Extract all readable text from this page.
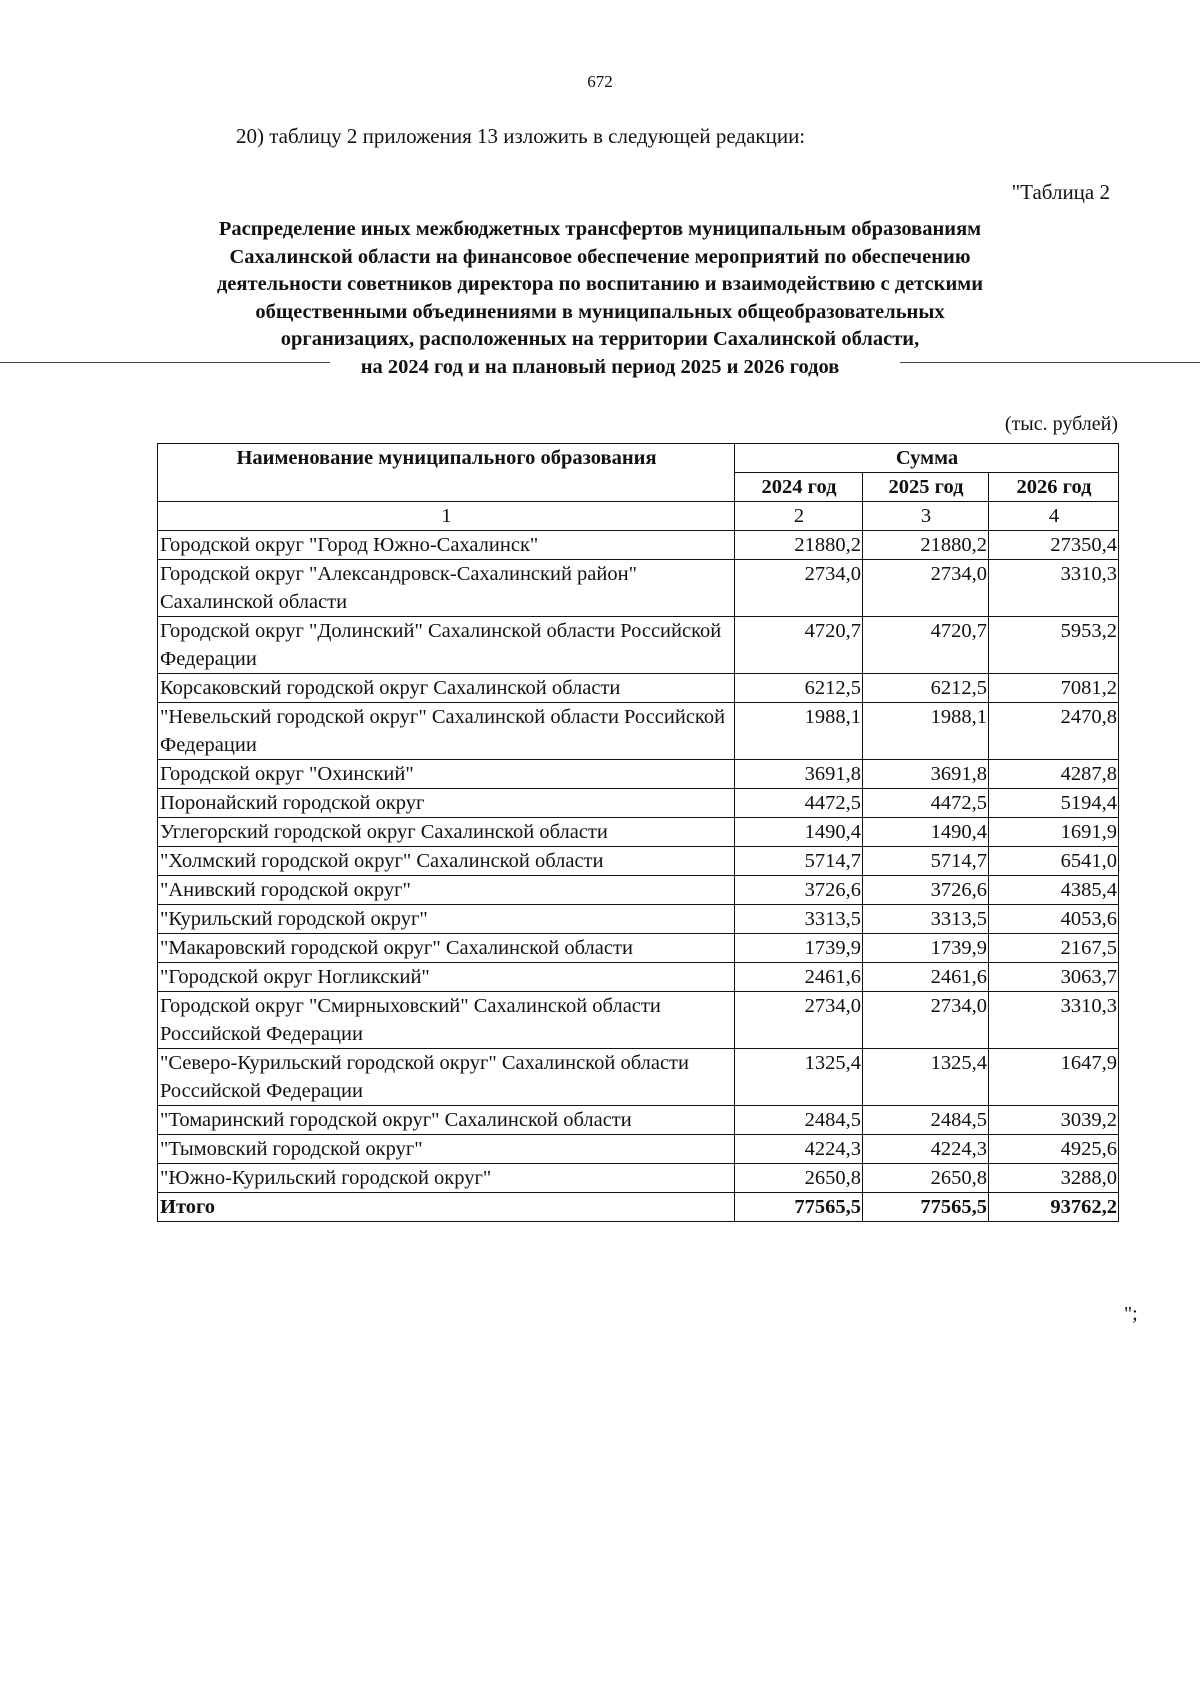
672
20) таблицу 2 приложения 13 изложить в следующей редакции:
"Таблица 2
Распределение иных межбюджетных трансфертов муниципальным образованиям
Сахалинской области на финансовое обеспечение мероприятий по обеспечению
деятельности советников директора по воспитанию и взаимодействию с детскими
общественными объединениями в муниципальных общеобразовательных
организациях, расположенных на территории Сахалинской области,
на 2024 год и на плановый период 2025 и 2026 годов
(тыс. рублей)
Наименование муниципального образования	Сумма		
	2024 год	2025 год	2026 год
1	2	3	4
Городской округ "Город Южно-Сахалинск"	21880,2	21880,2	27350,4
Городской округ "Александровск-Сахалинский район" Сахалинской области	2734,0	2734,0	3310,3
Городской округ "Долинский" Сахалинской области Российской Федерации	4720,7	4720,7	5953,2
Корсаковский городской округ Сахалинской области	6212,5	6212,5	7081,2
"Невельский городской округ" Сахалинской области Российской Федерации	1988,1	1988,1	2470,8
Городской округ "Охинский"	3691,8	3691,8	4287,8
Поронайский городской округ	4472,5	4472,5	5194,4
Углегорский городской округ Сахалинской области	1490,4	1490,4	1691,9
"Холмский городской округ" Сахалинской области	5714,7	5714,7	6541,0
"Анивский городской округ"	3726,6	3726,6	4385,4
"Курильский городской округ"	3313,5	3313,5	4053,6
"Макаровский городской округ" Сахалинской области	1739,9	1739,9	2167,5
"Городской округ Ногликский"	2461,6	2461,6	3063,7
Городской округ "Смирныховский" Сахалинской области Российской Федерации	2734,0	2734,0	3310,3
"Северо-Курильский городской округ" Сахалинской области Российской Федерации	1325,4	1325,4	1647,9
"Томаринский городской округ" Сахалинской области	2484,5	2484,5	3039,2
"Тымовский городской округ"	4224,3	4224,3	4925,6
"Южно-Курильский городской округ"	2650,8	2650,8	3288,0
Итого	77565,5	77565,5	93762,2
";
